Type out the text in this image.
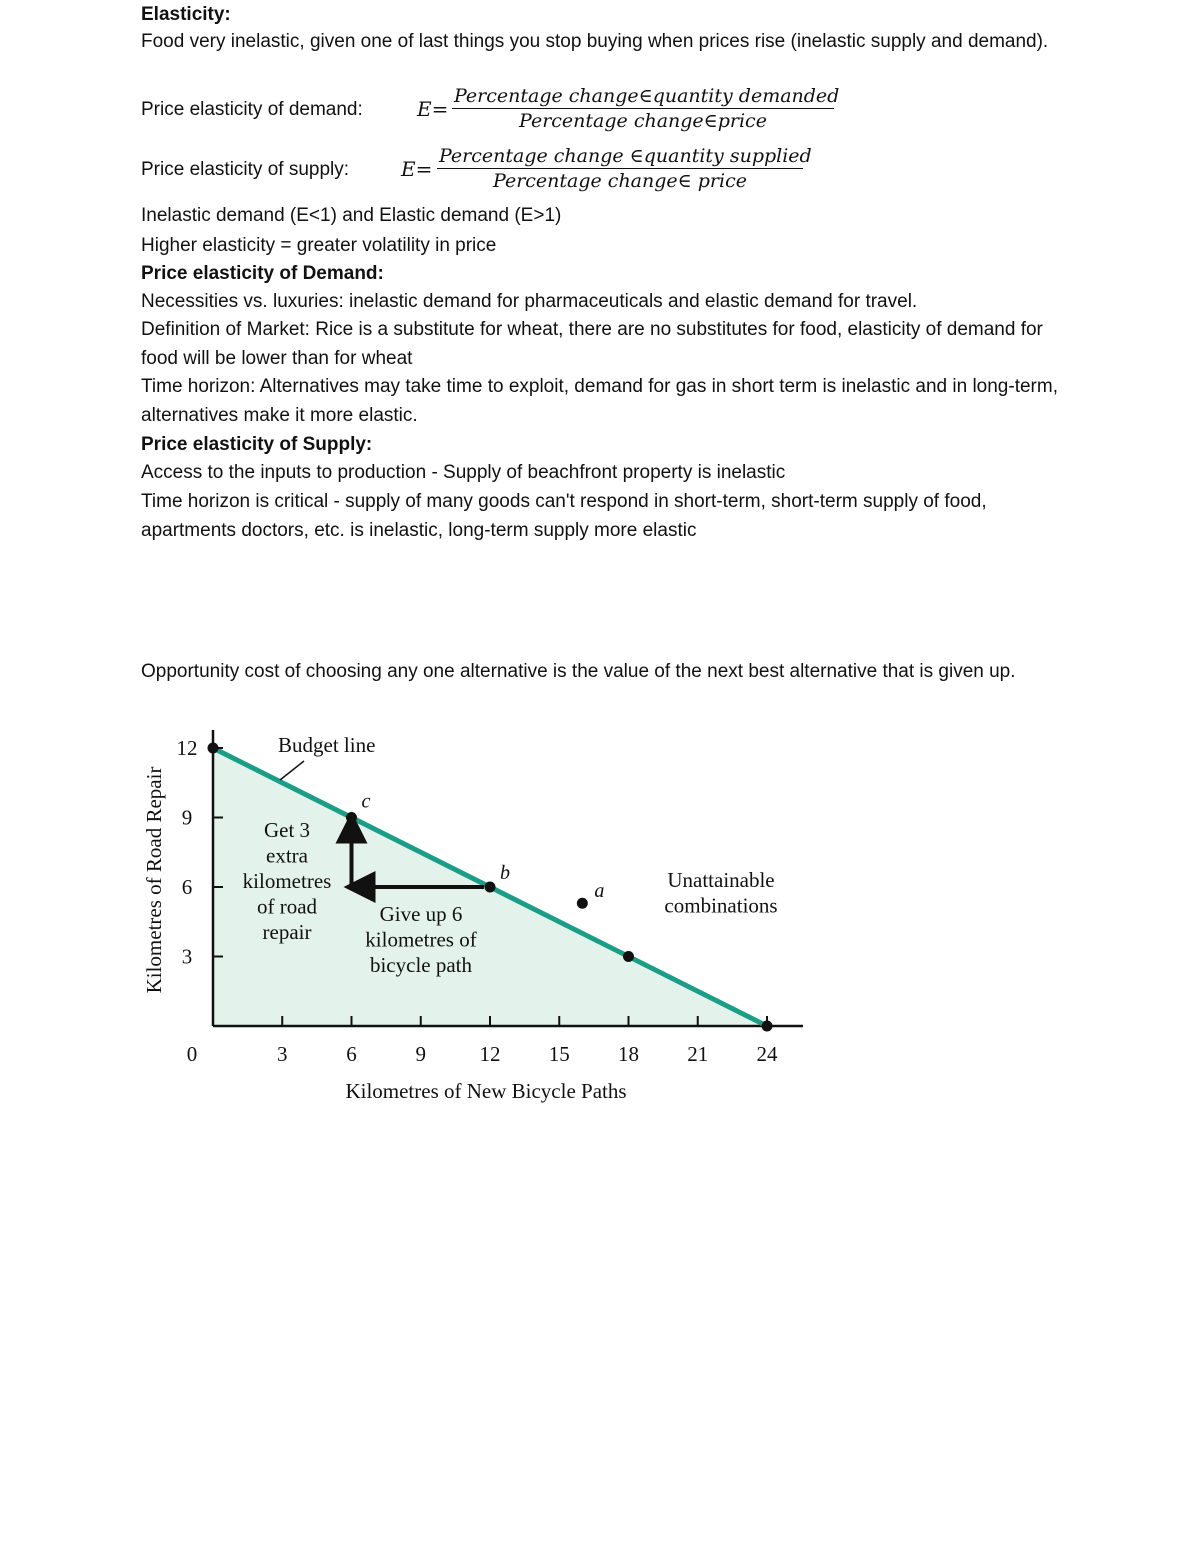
Elasticity:
Food very inelastic, given one of last things you stop buying when prices rise (inelastic supply and demand).
Price elasticity of demand:	E=
Percentage change∈quantity demanded
Percentage change∈price
Price elasticity of supply:	E=
Percentage change ∈quantity supplied
Percentage change∈ price
Inelastic demand (E<1) and Elastic demand (E>1)
Higher elasticity = greater volatility in price
Price elasticity of Demand:
Necessities vs. luxuries: inelastic demand for pharmaceuticals and elastic demand for travel.
Definition of Market: Rice is a substitute for wheat, there are no substitutes for food, elasticity of demand for food will be lower than for wheat
Time horizon: Alternatives may take time to exploit, demand for gas in short term is inelastic and in long-term, alternatives make it more elastic.
Price elasticity of Supply:
Access to the inputs to production - Supply of beachfront property is inelastic
Time horizon is critical - supply of many goods can't respond in short-term, short-term supply of food, apartments doctors, etc. is inelastic, long-term supply more elastic
Opportunity cost of choosing any one alternative is the value of the next best alternative that is given up.
0	3	6	9	12 15 18 21 24
3
6
9
12
Kilometres of New Bicycle Paths
Kilometres of Road Repair	c
b
a
Budget line
Get 3
extra
kilometres
of road
repair
Give up 6
kilometres of
bicycle path
Unattainable
combinations
